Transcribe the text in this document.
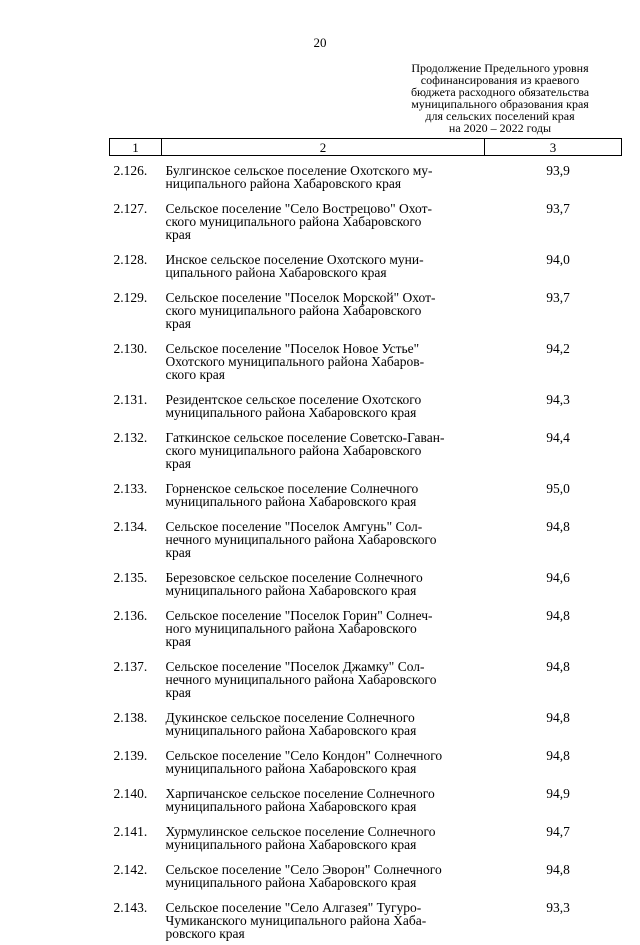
20
Продолжение Предельного уровня
софинансирования из краевого
бюджета расходного обязательства
муниципального образования края
для сельских поселений края
на 2020 – 2022 годы
1	2	3
2.126.	Булгинское сельское поселение Охотского му-
ниципального района Хабаровского края	93,9
2.127.	Сельское поселение "Село Вострецово" Охот-
ского муниципального района Хабаровского
края	93,7
2.128.	Инское сельское поселение Охотского муни-
ципального района Хабаровского края	94,0
2.129.	Сельское поселение "Поселок Морской" Охот-
ского муниципального района Хабаровского
края	93,7
2.130.	Сельское поселение "Поселок Новое Устье"
Охотского муниципального района Хабаров-
ского края	94,2
2.131.	Резидентское сельское поселение Охотского
муниципального района Хабаровского края	94,3
2.132.	Гаткинское сельское поселение Советско-Гаван-
ского муниципального района Хабаровского
края	94,4
2.133.	Горненское сельское поселение Солнечного
муниципального района Хабаровского края	95,0
2.134.	Сельское поселение "Поселок Амгунь" Сол-
нечного муниципального района Хабаровского
края	94,8
2.135.	Березовское сельское поселение Солнечного
муниципального района Хабаровского края	94,6
2.136.	Сельское поселение "Поселок Горин" Солнеч-
ного муниципального района Хабаровского
края	94,8
2.137.	Сельское поселение "Поселок Джамку" Сол-
нечного муниципального района Хабаровского
края	94,8
2.138.	Дукинское сельское поселение Солнечного
муниципального района Хабаровского края	94,8
2.139.	Сельское поселение "Село Кондон" Солнечного
муниципального района Хабаровского края	94,8
2.140.	Харпичанское сельское поселение Солнечного
муниципального района Хабаровского края	94,9
2.141.	Хурмулинское сельское поселение Солнечного
муниципального района Хабаровского края	94,7
2.142.	Сельское поселение "Село Эворон" Солнечного
муниципального района Хабаровского края	94,8
2.143.	Сельское поселение "Село Алгазея" Тугуро-
Чумиканского муниципального района Хаба-
ровского края	93,3
